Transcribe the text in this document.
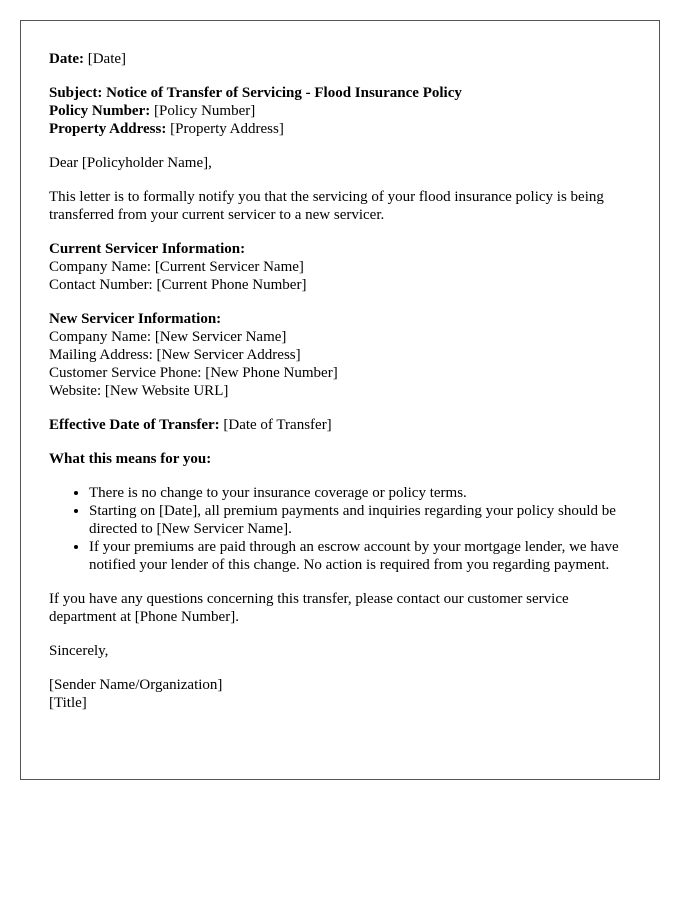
Date: [Date]
Subject: Notice of Transfer of Servicing - Flood Insurance Policy
Policy Number: [Policy Number]
Property Address: [Property Address]

Dear [Policyholder Name],

This letter is to formally notify you that the servicing of your flood insurance policy is being transferred from your current servicer to a new servicer.

Current Servicer Information:
Company Name: [Current Servicer Name]
Contact Number: [Current Phone Number]
New Servicer Information:
Company Name: [New Servicer Name]
Mailing Address: [New Servicer Address]
Customer Service Phone: [New Phone Number]
Website: [New Website URL]
Effective Date of Transfer: [Date of Transfer]
What this means for you:
• There is no change to your insurance coverage or policy terms.
• Starting on [Date], all premium payments and inquiries regarding your policy should be directed to [New Servicer Name].
• If your premiums are paid through an escrow account by your mortgage lender, we have notified your lender of this change. No action is required from you regarding payment.

If you have any questions concerning this transfer, please contact our customer service department at [Phone Number].

Sincerely,

[Sender Name/Organization]
[Title]
